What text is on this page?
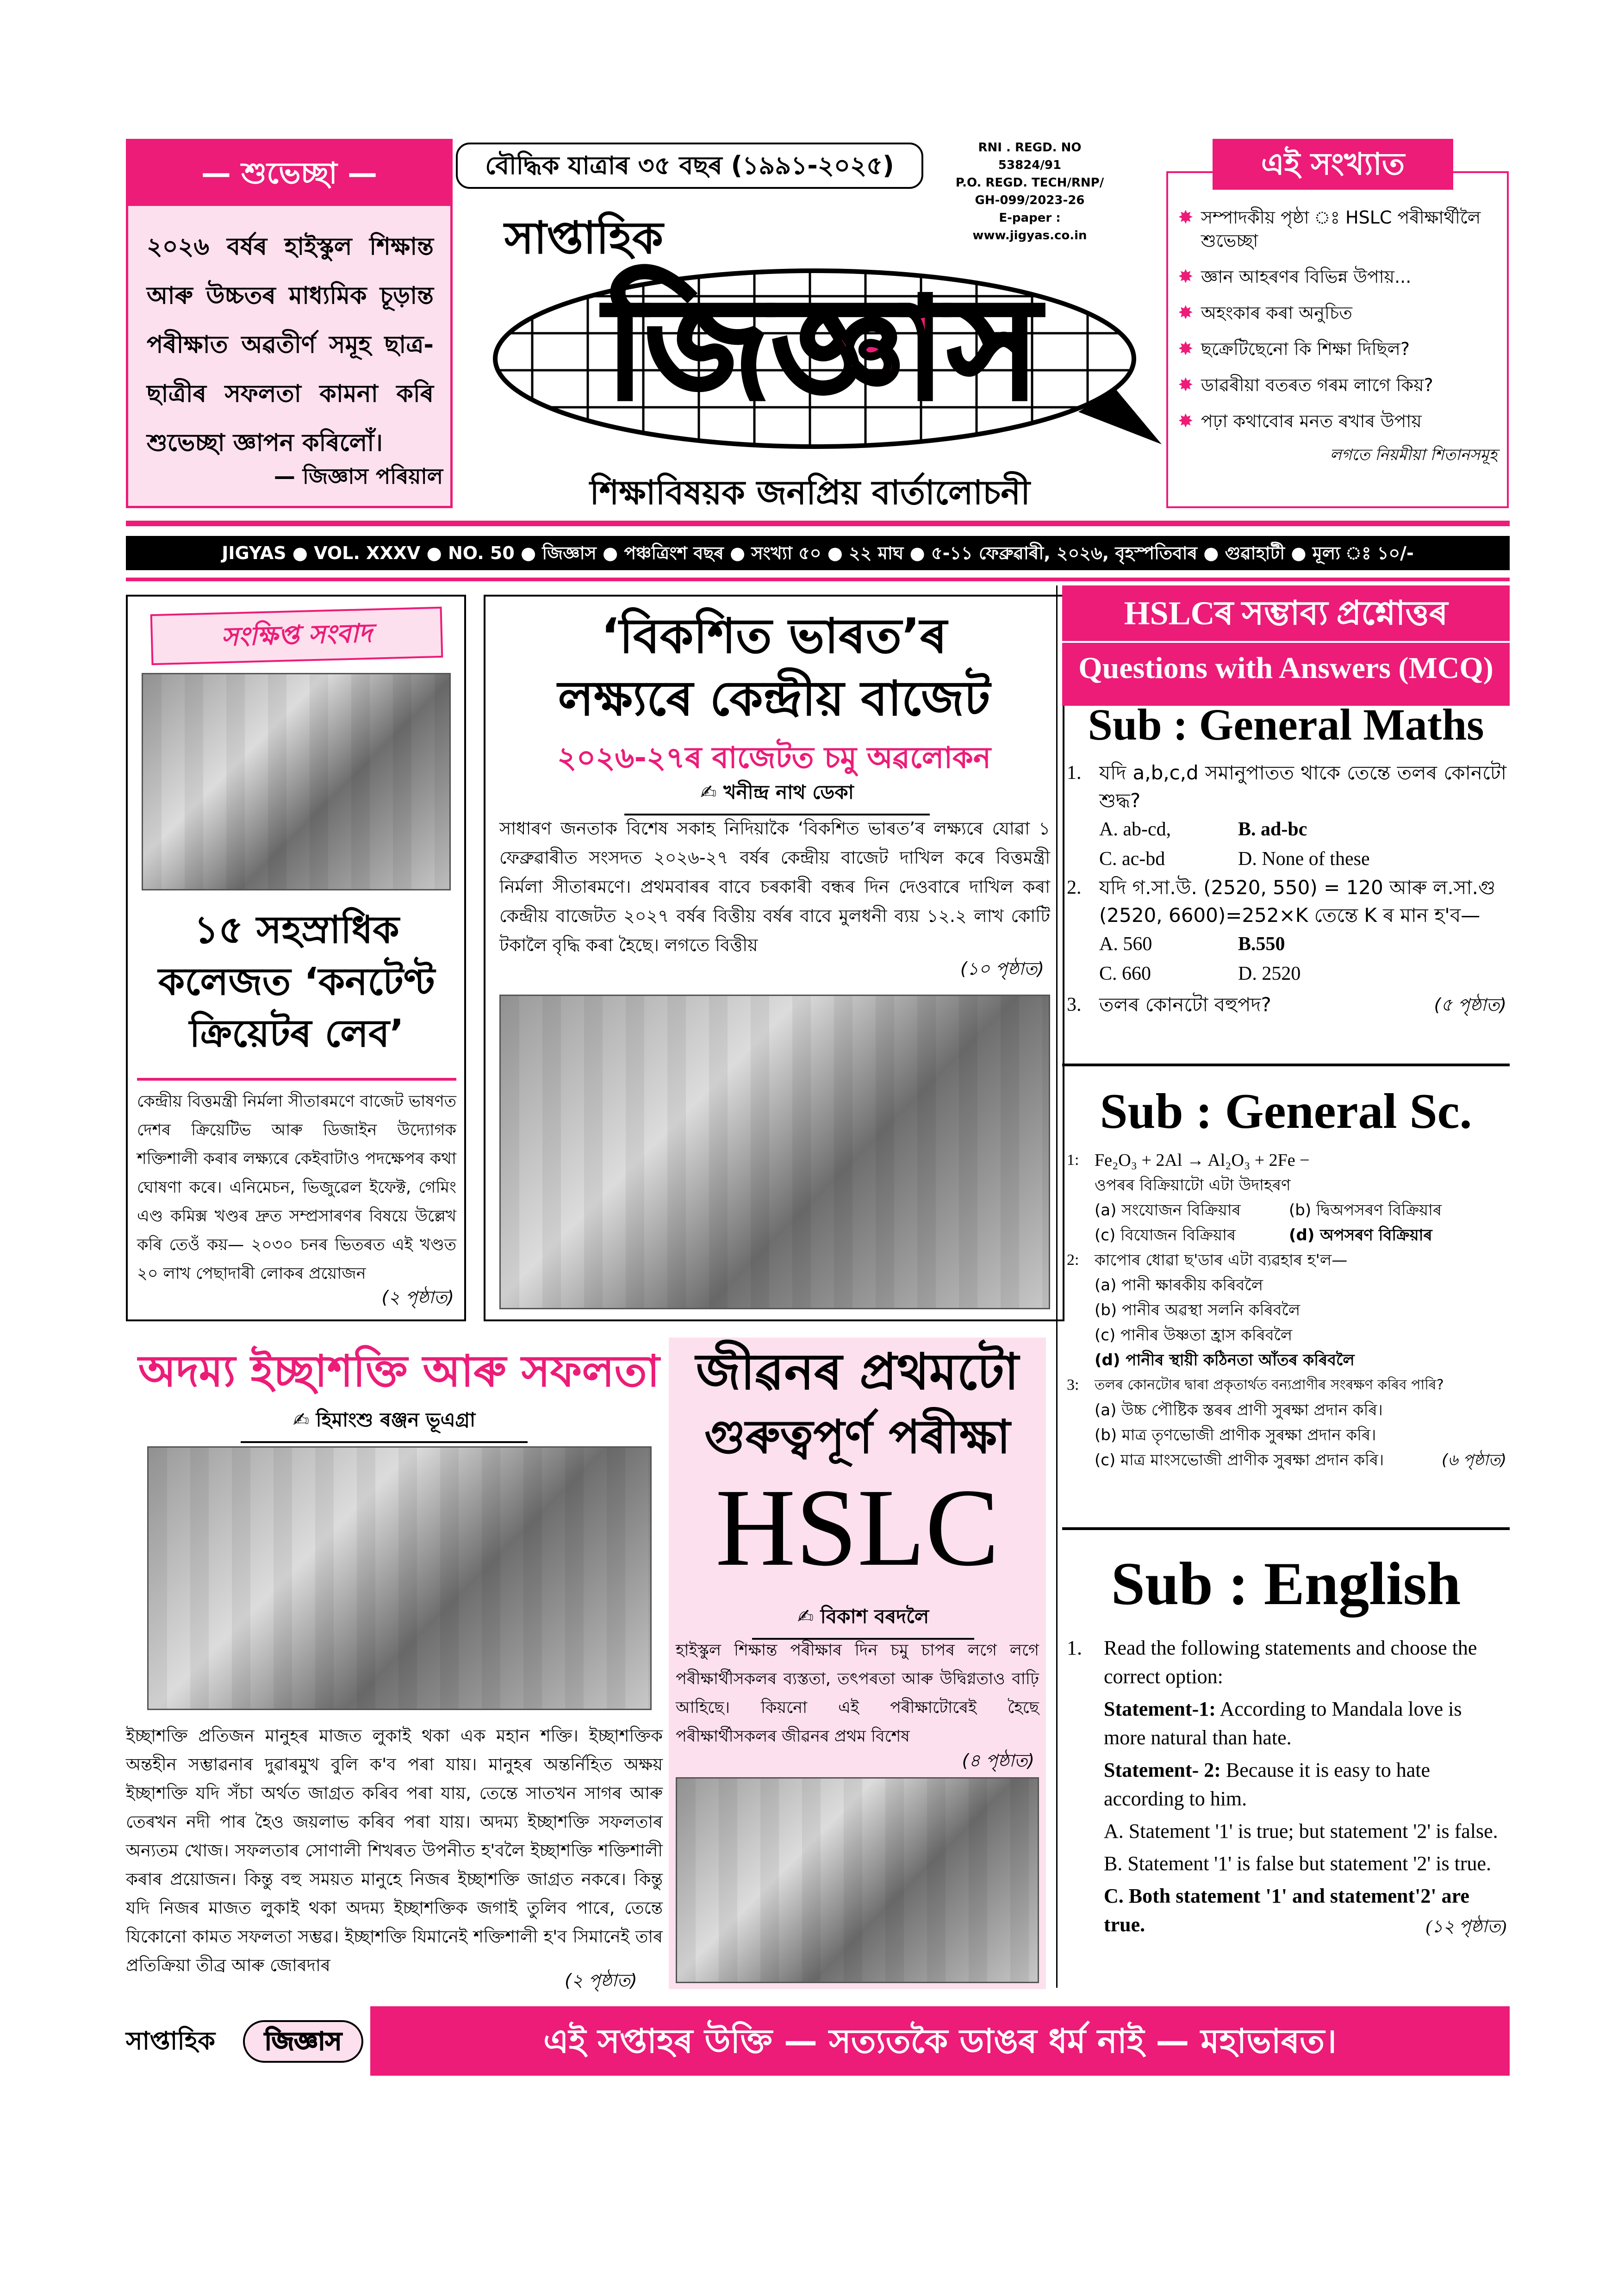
— শুভেচ্ছা —
২০২৬ বৰ্ষৰ হাইস্কুল শিক্ষান্ত আৰু উচ্চতৰ মাধ্যমিক চূড়ান্ত পৰীক্ষাত অৱতীৰ্ণ সমূহ ছাত্ৰ-ছাত্ৰীৰ সফলতা কামনা কৰি শুভেচ্ছা জ্ঞাপন কৰিলোঁ।
— জিজ্ঞাস পৰিয়াল
বৌদ্ধিক যাত্ৰাৰ ৩৫ বছৰ (১৯৯১-২০২৫)
RNI . REGD. NO 53824/91
P.O. REGD. TECH/RNP/
GH-099/2023-26
E-paper : www.jigyas.co.in
সাপ্তাহিক
জিজ্ঞাস
শিক্ষাবিষয়ক জনপ্ৰিয় বাৰ্তালোচনী
এই সংখ্যাত
✸ সম্পাদকীয় পৃষ্ঠা ঃ HSLC পৰীক্ষাৰ্থীলৈ শুভেচ্ছা
✸ জ্ঞান আহৰণৰ বিভিন্ন উপায়...
✸ অহংকাৰ কৰা অনুচিত
✸ ছক্ৰেটিছেনো কি শিক্ষা দিছিল?
✸ ডাৱৰীয়া বতৰত গৰম লাগে কিয়?
✸ পঢ়া কথাবোৰ মনত ৰখাৰ উপায়
লগতে নিয়মীয়া শিতানসমূহ
JIGYAS ● VOL. XXXV ● NO. 50 ● জিজ্ঞাস ● পঞ্চত্ৰিংশ বছৰ ● সংখ্যা ৫০ ● ২২ মাঘ ● ৫-১১ ফেব্ৰুৱাৰী, ২০২৬, বৃহস্পতিবাৰ ● গুৱাহাটী ● মূল্য ঃ ১০/-
সংক্ষিপ্ত সংবাদ
১৫ সহস্ৰাধিক কলেজত ‘কনটেণ্ট ক্ৰিয়েটৰ লেব’
কেন্দ্ৰীয় বিত্তমন্ত্ৰী নিৰ্মলা সীতাৰমণে বাজেট ভাষণত দেশৰ ক্ৰিয়েটিভ আৰু ডিজাইন উদ্যোগক শক্তিশালী কৰাৰ লক্ষ্যৰে কেইবাটাও পদক্ষেপৰ কথা ঘোষণা কৰে। এনিমেচন, ভিজুৱেল ইফেক্ট, গেমিং এণ্ড কমিক্স খণ্ডৰ দ্ৰুত সম্প্ৰসাৰণৰ বিষয়ে উল্লেখ কৰি তেওঁ কয়— ২০৩০ চনৰ ভিতৰত এই খণ্ডত ২০ লাখ পেছাদাৰী লোকৰ প্ৰয়োজন
(২ পৃষ্ঠাত)
‘বিকশিত ভাৰত’ৰ
লক্ষ্যৰে কেন্দ্ৰীয় বাজেট
২০২৬-২৭ৰ বাজেটত চমু অৱলোকন
✍ খনীন্দ্ৰ নাথ ডেকা
সাধাৰণ জনতাক বিশেষ সকাহ নিদিয়াকৈ ‘বিকশিত ভাৰত’ৰ লক্ষ্যৰে যোৱা ১ ফেব্ৰুৱাৰীত সংসদত ২০২৬-২৭ বৰ্ষৰ কেন্দ্ৰীয় বাজেট দাখিল কৰে বিত্তমন্ত্ৰী নিৰ্মলা সীতাৰমণে। প্ৰথমবাৰৰ বাবে চৰকাৰী বন্ধৰ দিন দেওবাৰে দাখিল কৰা কেন্দ্ৰীয় বাজেটত ২০২৭ বৰ্ষৰ বিত্তীয় বৰ্ষৰ বাবে মুলধনী ব্যয় ১২.২ লাখ কোটি টকালৈ বৃদ্ধি কৰা হৈছে। লগতে বিত্তীয়
(১০ পৃষ্ঠাত)
HSLCৰ সম্ভাব্য প্ৰশ্নোত্তৰ
Questions with Answers (MCQ)
Sub : General Maths
1. যদি a,b,c,d সমানুপাতত থাকে তেন্তে তলৰ কোনটো শুদ্ধ?
A. ab-cd,	B. ad-bc
C. ac-bd	D. None of these
2. যদি গ.সা.উ. (2520, 550) = 120 আৰু ল.সা.গু (2520, 6600)=252×K তেন্তে K ৰ মান হ'ব—
A. 560	B.550
C. 660	D. 2520
3. তলৰ কোনটো বহুপদ?	(৫ পৃষ্ঠাত)
Sub : General Sc.
1: Fe₂O₃ + 2Al → Al₂O₃ + 2Fe −
ওপৰৰ বিক্ৰিয়াটো এটা উদাহৰণ
(a) সংযোজন বিক্ৰিয়াৰ	(b) দ্বিঅপসৰণ বিক্ৰিয়াৰ
(c) বিযোজন বিক্ৰিয়াৰ	(d) অপসৰণ বিক্ৰিয়াৰ
2: কাপোৰ ধোৱা ছ'ডাৰ এটা ব্যৱহাৰ হ'ল—
(a) পানী ক্ষাৰকীয় কৰিবলৈ
(b) পানীৰ অৱস্থা সলনি কৰিবলৈ
(c) পানীৰ উষ্ণতা হ্ৰাস কৰিবলৈ
(d) পানীৰ স্থায়ী কঠিনতা আঁতৰ কৰিবলৈ
3:	তলৰ কোনটোৰ দ্বাৰা প্ৰকৃতাৰ্থত বন্যপ্ৰাণীৰ সংৰক্ষণ কৰিব পাৰি?
(a) উচ্চ পৌষ্টিক স্তৰৰ প্ৰাণী সুৰক্ষা প্ৰদান কৰি।
(b) মাত্ৰ তৃণভোজী প্ৰাণীক সুৰক্ষা প্ৰদান কৰি।
(c) মাত্ৰ মাংসভোজী প্ৰাণীক সুৰক্ষা প্ৰদান কৰি।	(৬ পৃষ্ঠাত)
Sub : English
1.	Read the following statements and choose the correct option:
Statement-1: According to Mandala love is more natural than hate.
Statement- 2: Because it is easy to hate according to him.
A. Statement '1' is true; but statement '2' is false.
B. Statement '1' is false but statement '2' is true.
C. Both statement '1' and statement'2' are true.	(১২ পৃষ্ঠাত)
অদম্য ইচ্ছাশক্তি আৰু সফলতা
✍ হিমাংশু ৰঞ্জন ভূএগ্ৰা
ইচ্ছাশক্তি প্ৰতিজন মানুহৰ মাজত লুকাই থকা এক মহান শক্তি। ইচ্ছাশক্তিক অন্তহীন সম্ভাৱনাৰ দুৱাৰমুখ বুলি ক'ব পৰা যায়। মানুহৰ অন্তৰ্নিহিত অক্ষয় ইচ্ছাশক্তি যদি সঁচা অৰ্থত জাগ্ৰত কৰিব পৰা যায়, তেন্তে সাতখন সাগৰ আৰু তেৰখন নদী পাৰ হৈও জয়লাভ কৰিব পৰা যায়। অদম্য ইচ্ছাশক্তি সফলতাৰ অন্যতম খোজ। সফলতাৰ সোণালী শিখৰত উপনীত হ'বলৈ ইচ্ছাশক্তি শক্তিশালী কৰাৰ প্ৰয়োজন। কিন্তু বহু সময়ত মানুহে নিজৰ ইচ্ছাশক্তি জাগ্ৰত নকৰে। কিন্তু যদি নিজৰ মাজত লুকাই থকা অদম্য ইচ্ছাশক্তিক জগাই তুলিব পাৰে, তেন্তে যিকোনো কামত সফলতা সম্ভৱ। ইচ্ছাশক্তি যিমানেই শক্তিশালী হ'ব সিমানেই তাৰ প্ৰতিক্ৰিয়া তীব্ৰ আৰু জোৰদাৰ
(২ পৃষ্ঠাত)
জীৱনৰ প্ৰথমটো
গুৰুত্বপূৰ্ণ পৰীক্ষা
HSLC
✍ বিকাশ বৰদলৈ
হাইস্কুল শিক্ষান্ত পৰীক্ষাৰ দিন চমু চাপৰ লগে লগে পৰীক্ষাৰ্থীসকলৰ ব্যস্ততা, তৎপৰতা আৰু উদ্বিগ্নতাও বাঢ়ি আহিছে। কিয়নো এই পৰীক্ষাটোৰেই হৈছে পৰীক্ষাৰ্থীসকলৰ জীৱনৰ প্ৰথম বিশেষ
(৪ পৃষ্ঠাত)
সাপ্তাহিক	জিজ্ঞাস	এই সপ্তাহৰ উক্তি — সত্যতকৈ ডাঙৰ ধৰ্ম নাই — মহাভাৰত।
